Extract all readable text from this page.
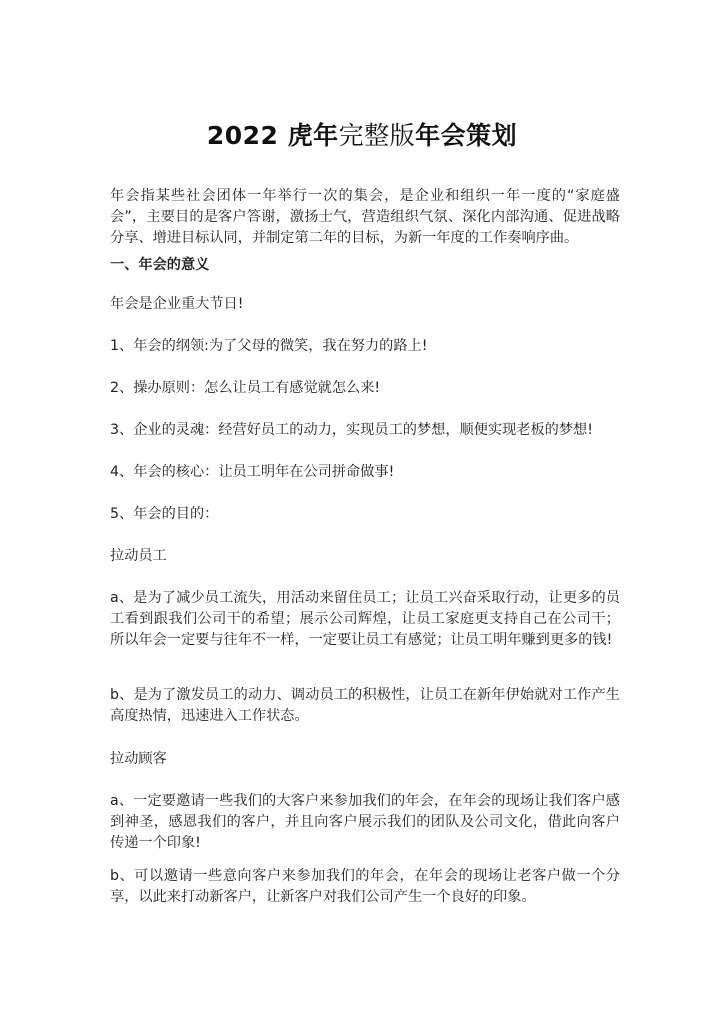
2022 虎年完整版年会策划
年会指某些社会团体一年举行一次的集会，是企业和组织一年一度的“家庭盛会”，主要目的是客户答谢，激扬士气，营造组织气氛、深化内部沟通、促进战略分享、增进目标认同，并制定第二年的目标，为新一年度的工作奏响序曲。
一、年会的意义
年会是企业重大节日!
1、年会的纲领:为了父母的微笑，我在努力的路上!
2、操办原则：怎么让员工有感觉就怎么来!
3、企业的灵魂：经营好员工的动力，实现员工的梦想，顺便实现老板的梦想!
4、年会的核心：让员工明年在公司拼命做事!
5、年会的目的：
拉动员工
a、是为了减少员工流失，用活动来留住员工；让员工兴奋采取行动，让更多的员工看到跟我们公司干的希望；展示公司辉煌，让员工家庭更支持自己在公司干；所以年会一定要与往年不一样，一定要让员工有感觉；让员工明年赚到更多的钱!
b、是为了激发员工的动力、调动员工的积极性，让员工在新年伊始就对工作产生高度热情，迅速进入工作状态。
拉动顾客
a、一定要邀请一些我们的大客户来参加我们的年会，在年会的现场让我们客户感到神圣，感恩我们的客户，并且向客户展示我们的团队及公司文化，借此向客户传递一个印象!
b、可以邀请一些意向客户来参加我们的年会，在年会的现场让老客户做一个分享，以此来打动新客户，让新客户对我们公司产生一个良好的印象。
